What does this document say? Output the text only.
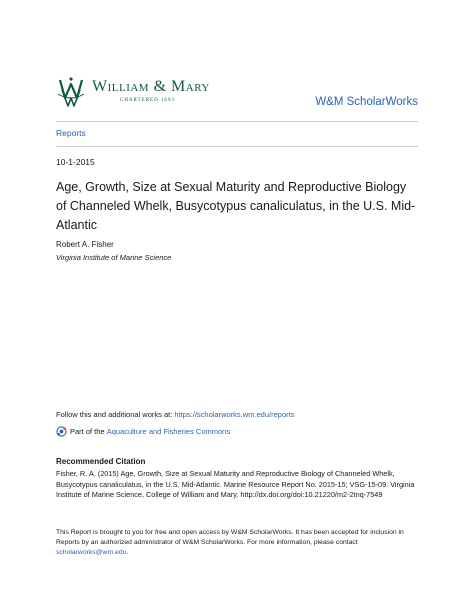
William & Mary
CHARTERED 1693	W&M ScholarWorks
Reports
10-1-2015
Age, Growth, Size at Sexual Maturity and Reproductive Biology of Channeled Whelk, Busycotypus canaliculatus, in the U.S. Mid-Atlantic
Robert A. Fisher
Virginia Institute of Marine Science
Follow this and additional works at: https://scholarworks.wm.edu/reports
Part of the
Aquaculture and Fisheries Commons
Recommended Citation
Fisher, R. A. (2015) Age, Growth, Size at Sexual Maturity and Reproductive Biology of Channeled Whelk, Busycotypus canaliculatus, in the U.S. Mid-Atlantic. Marine Resource Report No. 2015-15; VSG-15-09. Virginia Institute of Marine Science, College of William and Mary. http://dx.doi.org/doi:10.21220/m2-2tnq-7549
This Report is brought to you for free and open access by W&M ScholarWorks. It has been accepted for inclusion in Reports by an authorized administrator of W&M ScholarWorks. For more information, please contact scholarworks@wm.edu.
